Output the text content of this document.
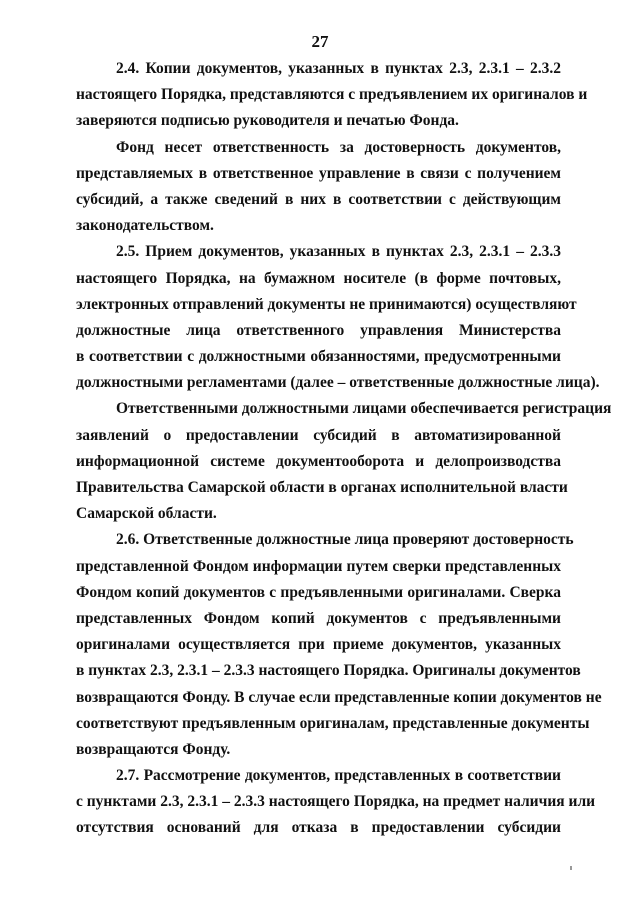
27
2.4. Копии документов, указанных в пунктах 2.3, 2.3.1 – 2.3.2
настоящего Порядка, представляются с предъявлением их оригиналов и
заверяются подписью руководителя и печатью Фонда.
Фонд несет ответственность за достоверность документов,
представляемых в ответственное управление в связи с получением
субсидий, а также сведений в них в соответствии с действующим
законодательством.
2.5. Прием документов, указанных в пунктах 2.3, 2.3.1 – 2.3.3
настоящего Порядка, на бумажном носителе (в форме почтовых,
электронных отправлений документы не принимаются) осуществляют
должностные лица ответственного управления Министерства
в соответствии с должностными обязанностями, предусмотренными
должностными регламентами (далее – ответственные должностные лица).
Ответственными должностными лицами обеспечивается регистрация
заявлений о предоставлении субсидий в автоматизированной
информационной системе документооборота и делопроизводства
Правительства Самарской области в органах исполнительной власти
Самарской области.
2.6. Ответственные должностные лица проверяют достоверность
представленной Фондом информации путем сверки представленных
Фондом копий документов с предъявленными оригиналами. Сверка
представленных Фондом копий документов с предъявленными
оригиналами осуществляется при приеме документов, указанных
в пунктах 2.3, 2.3.1 – 2.3.3 настоящего Порядка. Оригиналы документов
возвращаются Фонду. В случае если представленные копии документов не
соответствуют предъявленным оригиналам, представленные документы
возвращаются Фонду.
2.7. Рассмотрение документов, представленных в соответствии
с пунктами 2.3, 2.3.1 – 2.3.3 настоящего Порядка, на предмет наличия или
отсутствия оснований для отказа в предоставлении субсидии
